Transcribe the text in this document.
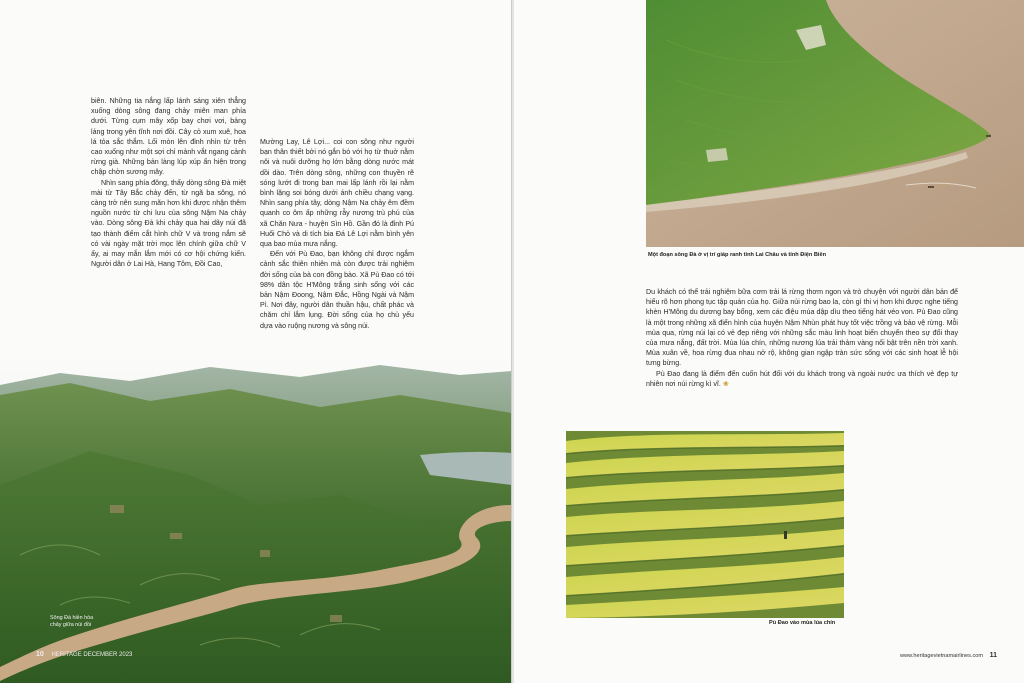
biên. Những tia nắng lấp lánh sáng xiên thẳng xuống dòng sông đang chảy miên man phía dưới. Từng cụm mây xốp bay chơi vơi, bảng lảng trong yên tĩnh nơi đồi. Cây cỏ xum xuê, hoa lá tỏa sắc thắm. Lối mòn lên đỉnh nhìn từ trên cao xuống như một sợi chỉ mảnh vắt ngang cảnh rừng già. Những bản làng lúp xúp ẩn hiện trong chập chờn sương mây.

Nhìn sang phía đông, thấy dòng sông Đà miệt mài từ Tây Bắc chảy đến, từ ngã ba sông, nó càng trở nên sung mãn hơn khi được nhận thêm nguồn nước từ chi lưu của sông Nậm Na chảy vào. Dòng sông Đà khi chảy qua hai dãy núi đã tạo thành điểm cắt hình chữ V và trong nắm sẽ có vài ngày mặt trời mọc lên chính giữa chữ V ấy, ai may mắn lắm mới có cơ hội chứng kiến. Người dân ở Lai Hà, Hang Tôm, Đồi Cao,

Mường Lay, Lê Lợi... coi con sông như người bạn thân thiết bởi nó gắn bó với họ từ thuở nằm nôi và nuôi dưỡng họ lớn bằng dòng nước mát dồi dào. Trên dòng sông, những con thuyền rẽ sóng lướt đi trong ban mai lấp lánh rồi lại nằm bình lặng soi bóng dưới ánh chiều chạng vạng. Nhìn sang phía tây, dòng Nậm Na chảy êm đềm quanh co ôm ấp những rẫy nương trù phú của xã Chăn Nưa - huyện Sìn Hồ. Gần đó là đỉnh Pú Huổi Chỏ và di tích bia Đá Lê Lợi nằm bình yên qua bao mùa mưa nắng.

Đến với Pù Đao, bạn không chỉ được ngắm cảnh sắc thiên nhiên mà còn được trải nghiệm đời sống của bà con đồng bào. Xã Pù Đao có tới 98% dân tộc H'Mông trắng sinh sống với các bản Nậm Đoong, Nậm Đắc, Hồng Ngài và Nậm Pì. Nơi đây, người dân thuần hậu, chất phác và chăm chỉ lắm lụng. Đời sống của họ chủ yếu dựa vào ruộng nương và sông núi.

Sông Đà hiền hòa
chảy giữa núi đồi
10 HERITAGE DECEMBER 2023
Một đoạn sông Đà ở vị trí giáp ranh tỉnh Lai Châu và tỉnh Điện Biên

Du khách có thể trải nghiệm bữa cơm trải lá rừng thơm ngon và trò chuyện với người dân bản để hiểu rõ hơn phong tục tập quán của họ. Giữa núi rừng bao la, còn gì thi vị hơn khi được nghe tiếng khèn H'Mông du dương bay bổng, xem các điệu múa dập dìu theo tiếng hát véo von. Pù Đao cũng là một trong những xã điển hình của huyện Nậm Nhùn phát huy tốt việc trồng và bảo vệ rừng. Mỗi mùa qua, rừng núi lại có vẻ đẹp riêng với những sắc màu linh hoạt biến chuyển theo sự đổi thay của mưa nắng, đất trời. Mùa lúa chín, những nương lúa trải thảm vàng nổi bật trên nền trời xanh. Mùa xuân về, hoa rừng đua nhau nở rộ, không gian ngập tràn sức sống với các sinh hoạt lễ hội tưng bừng.

Pù Đao đang là điểm đến cuốn hút đối với du khách trong và ngoài nước ưa thích vẻ đẹp tự nhiên nơi núi rừng kì vĩ. ❀

Pù Đao vào mùa lúa chín
www.heritagevietnamairlines.com 11
